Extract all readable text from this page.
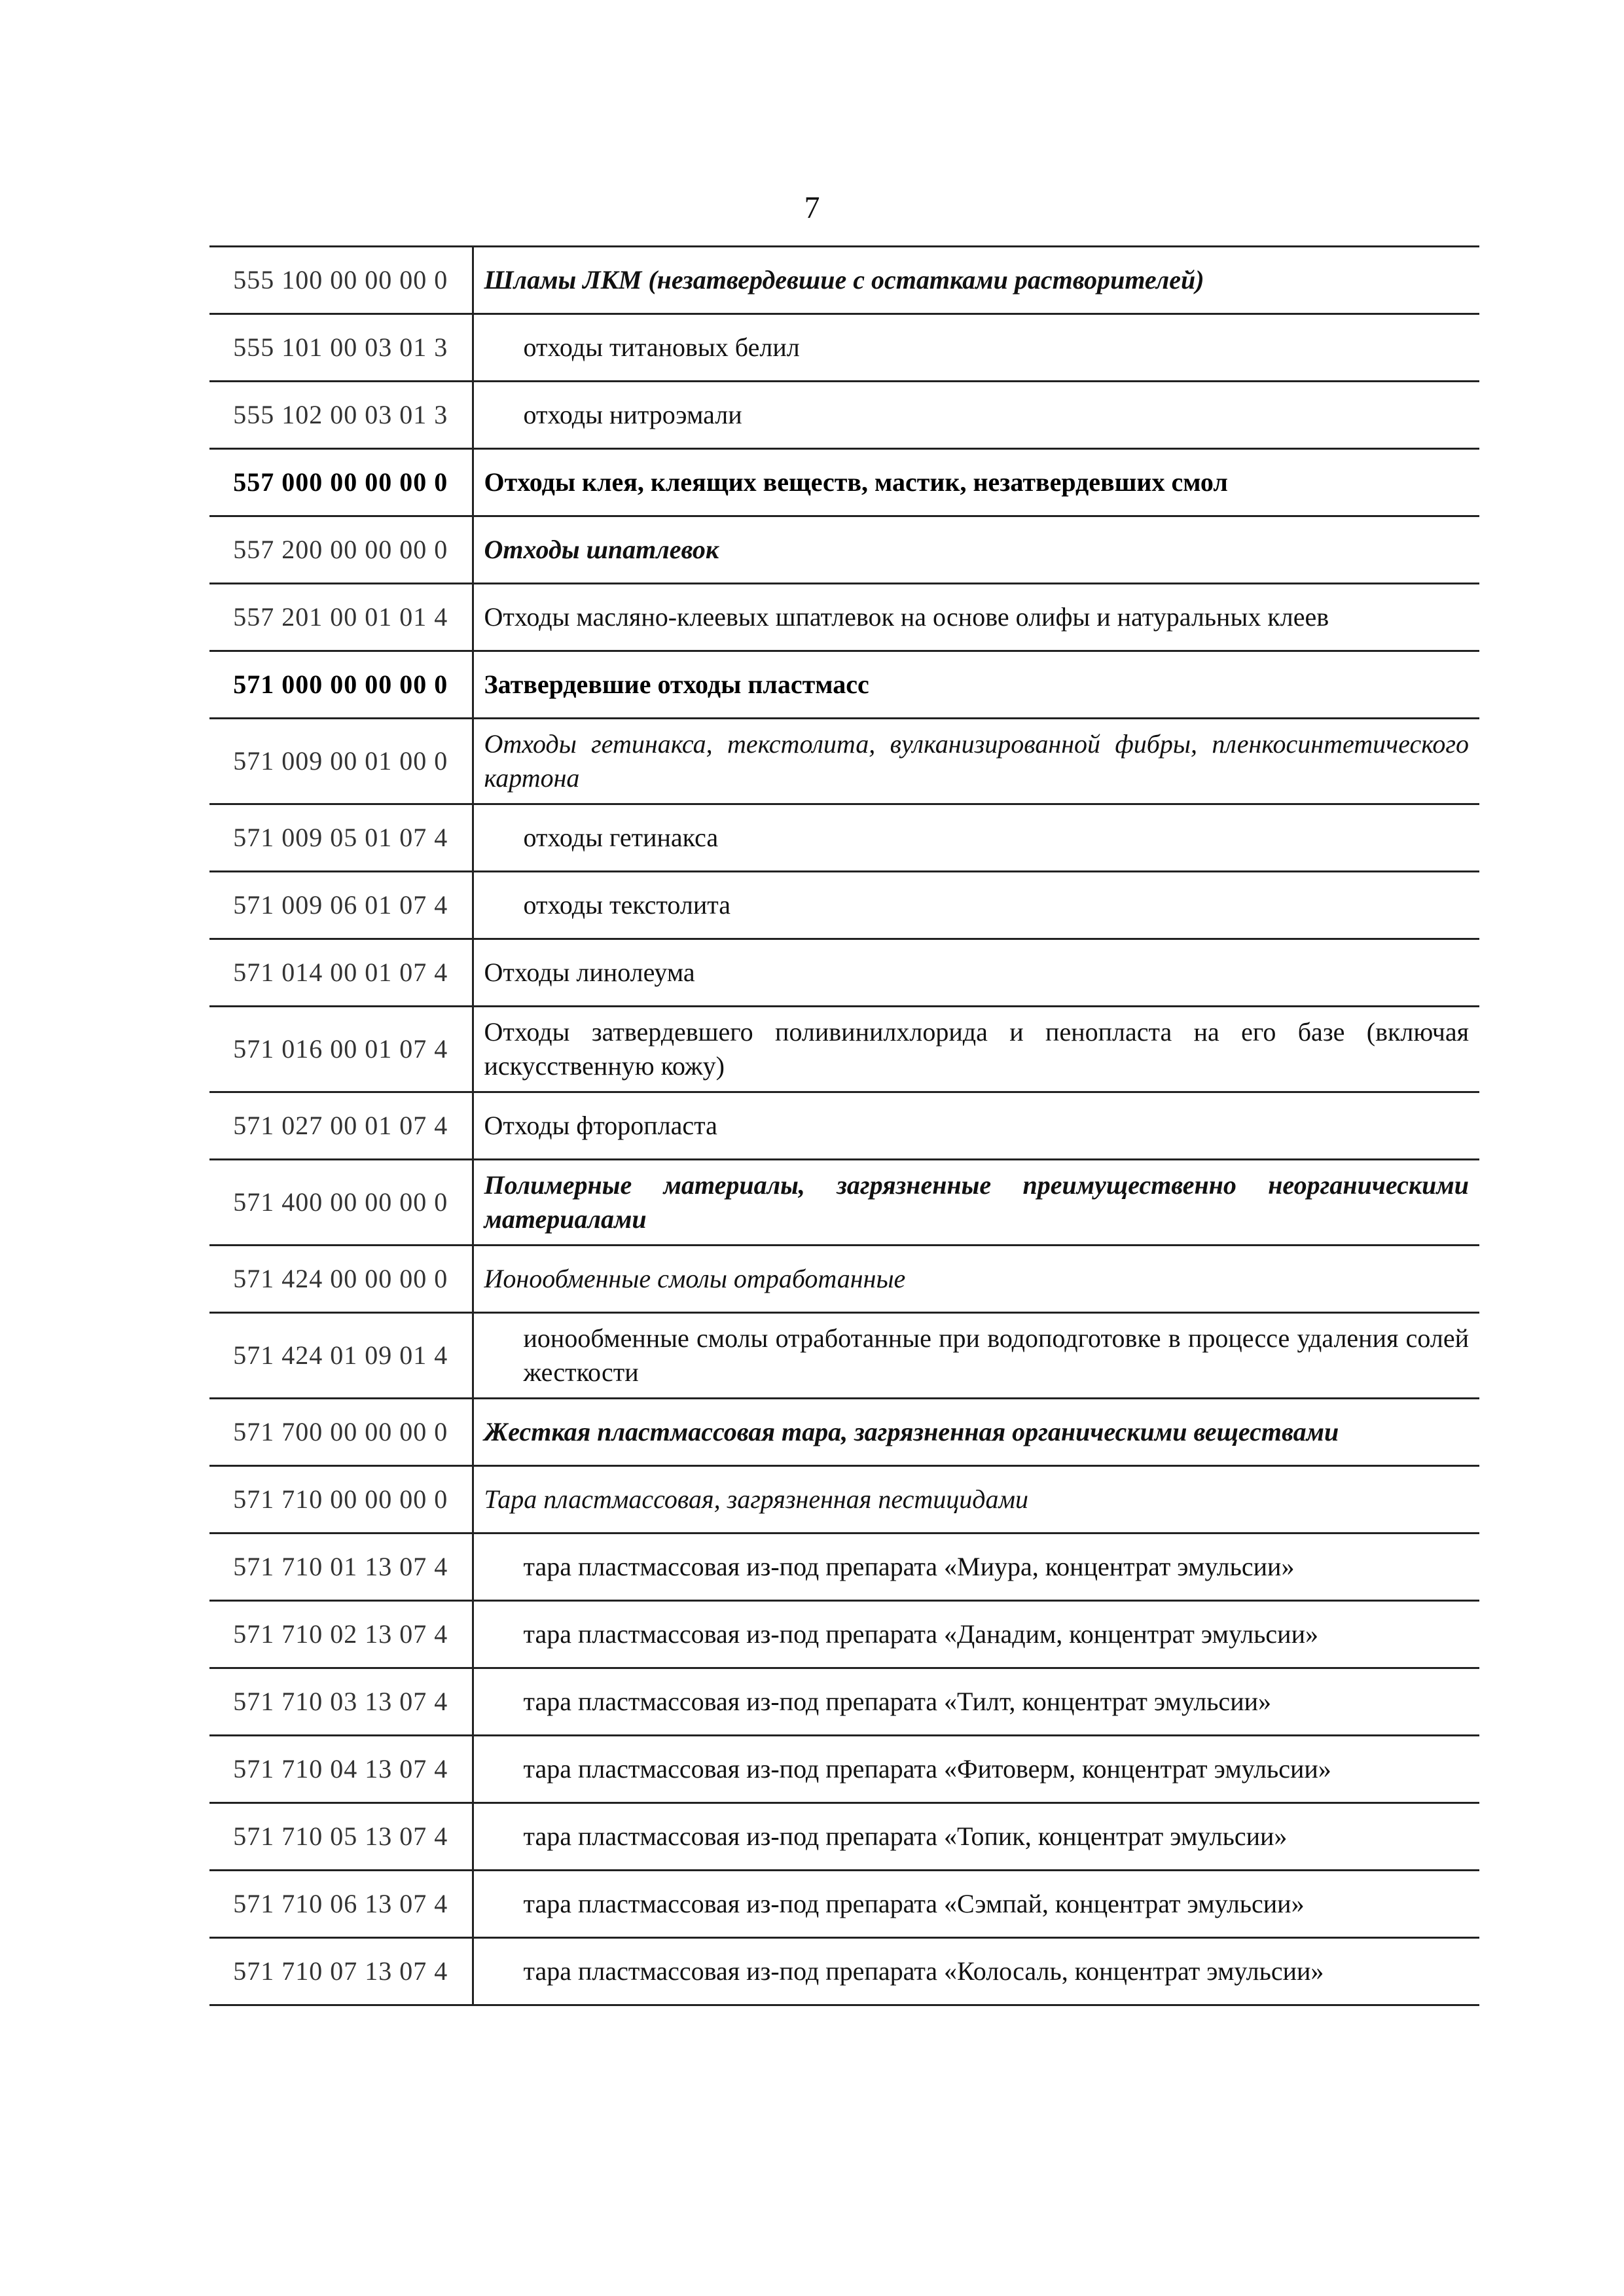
7
555 100 00 00 00 0	Шламы ЛКМ (незатвердевшие с остатками растворителей)
555 101 00 03 01 3	отходы титановых белил
555 102 00 03 01 3	отходы нитроэмали
557 000 00 00 00 0	Отходы клея, клеящих веществ, мастик, незатвердевших смол
557 200 00 00 00 0	Отходы шпатлевок
557 201 00 01 01 4	Отходы масляно-клеевых шпатлевок на основе олифы и натуральных клеев
571 000 00 00 00 0	Затвердевшие отходы пластмасс
571 009 00 01 00 0	Отходы гетинакса, текстолита, вулканизированной фибры, пленкосинтетического картона
571 009 05 01 07 4	отходы гетинакса
571 009 06 01 07 4	отходы текстолита
571 014 00 01 07 4	Отходы линолеума
571 016 00 01 07 4	Отходы затвердевшего поливинилхлорида и пенопласта на его базе (включая искусственную кожу)
571 027 00 01 07 4	Отходы фторопласта
571 400 00 00 00 0	Полимерные материалы, загрязненные преимущественно неорганическими материалами
571 424 00 00 00 0	Ионообменные смолы отработанные
571 424 01 09 01 4	ионообменные смолы отработанные при водоподготовке в процессе удаления солей жесткости
571 700 00 00 00 0	Жесткая пластмассовая тара, загрязненная органическими веществами
571 710 00 00 00 0	Тара пластмассовая, загрязненная пестицидами
571 710 01 13 07 4	тара пластмассовая из-под препарата «Миура, концентрат эмульсии»
571 710 02 13 07 4	тара пластмассовая из-под препарата «Данадим, концентрат эмульсии»
571 710 03 13 07 4	тара пластмассовая из-под препарата «Тилт, концентрат эмульсии»
571 710 04 13 07 4	тара пластмассовая из-под препарата «Фитоверм, концентрат эмульсии»
571 710 05 13 07 4	тара пластмассовая из-под препарата «Топик, концентрат эмульсии»
571 710 06 13 07 4	тара пластмассовая из-под препарата «Сэмпай, концентрат эмульсии»
571 710 07 13 07 4	тара пластмассовая из-под препарата «Колосаль, концентрат эмульсии»
